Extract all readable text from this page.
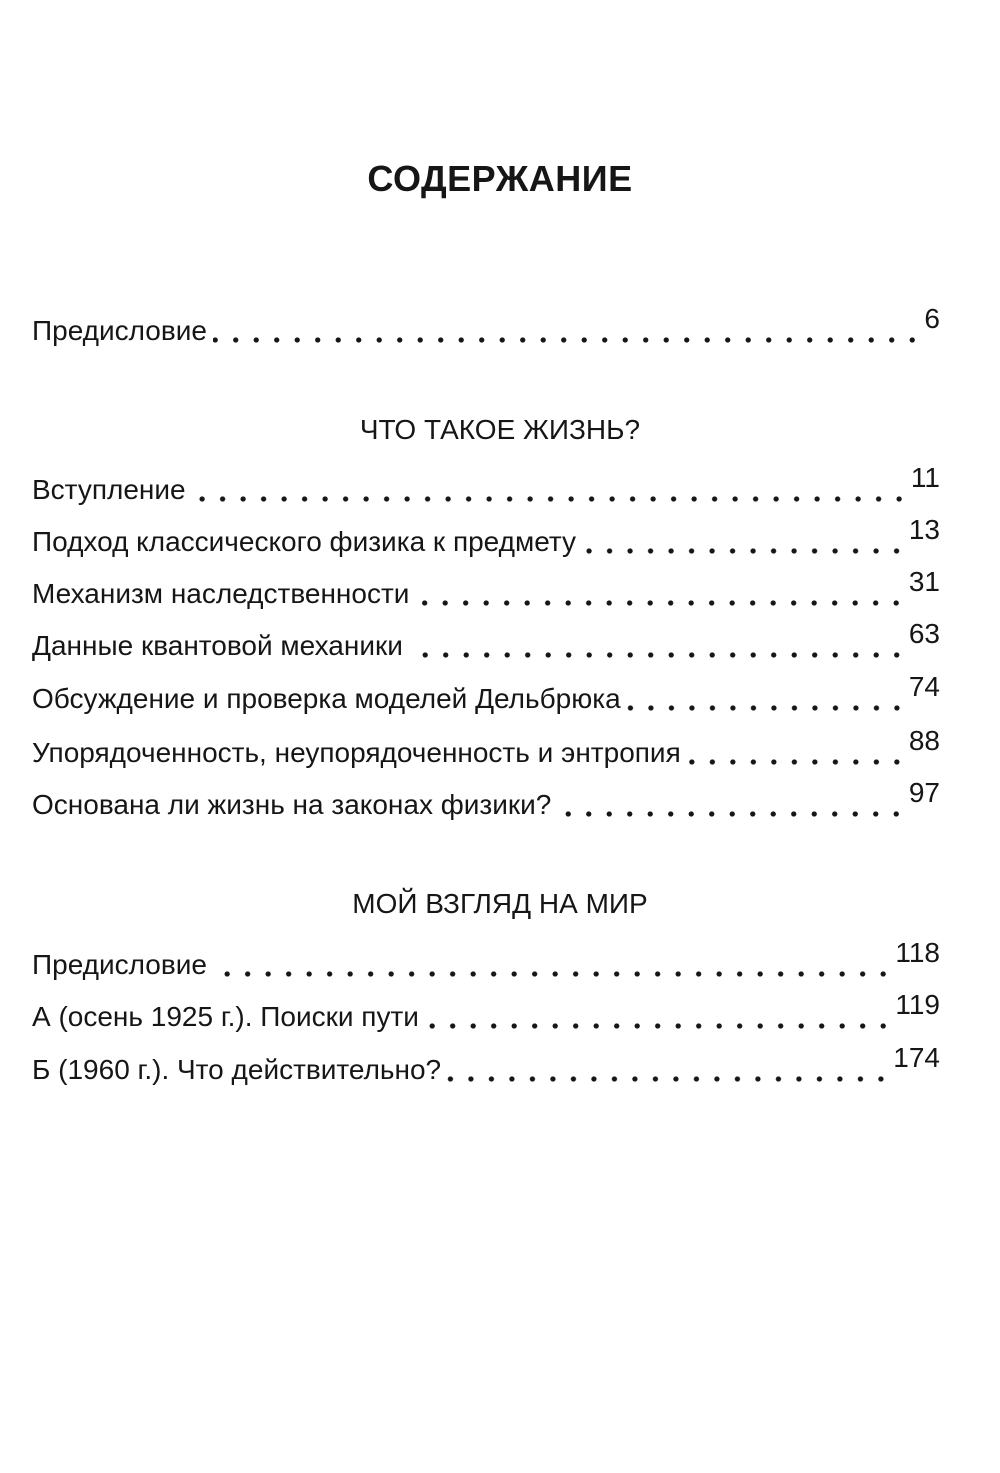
СОДЕРЖАНИЕ
Предисловие	6
ЧТО ТАКОЕ ЖИЗНЬ?
Вступление	11
Подход классического физика к предмету	13
Механизм наследственности	31
Данные квантовой механики	63
Обсуждение и проверка моделей Дельбрюка	74
Упорядоченность, неупорядоченность и энтропия	88
Основана ли жизнь на законах физики?	97
МОЙ ВЗГЛЯД НА МИР
Предисловие	118
А (осень 1925 г.). Поиски пути	119
Б (1960 г.). Что действительно?	174
